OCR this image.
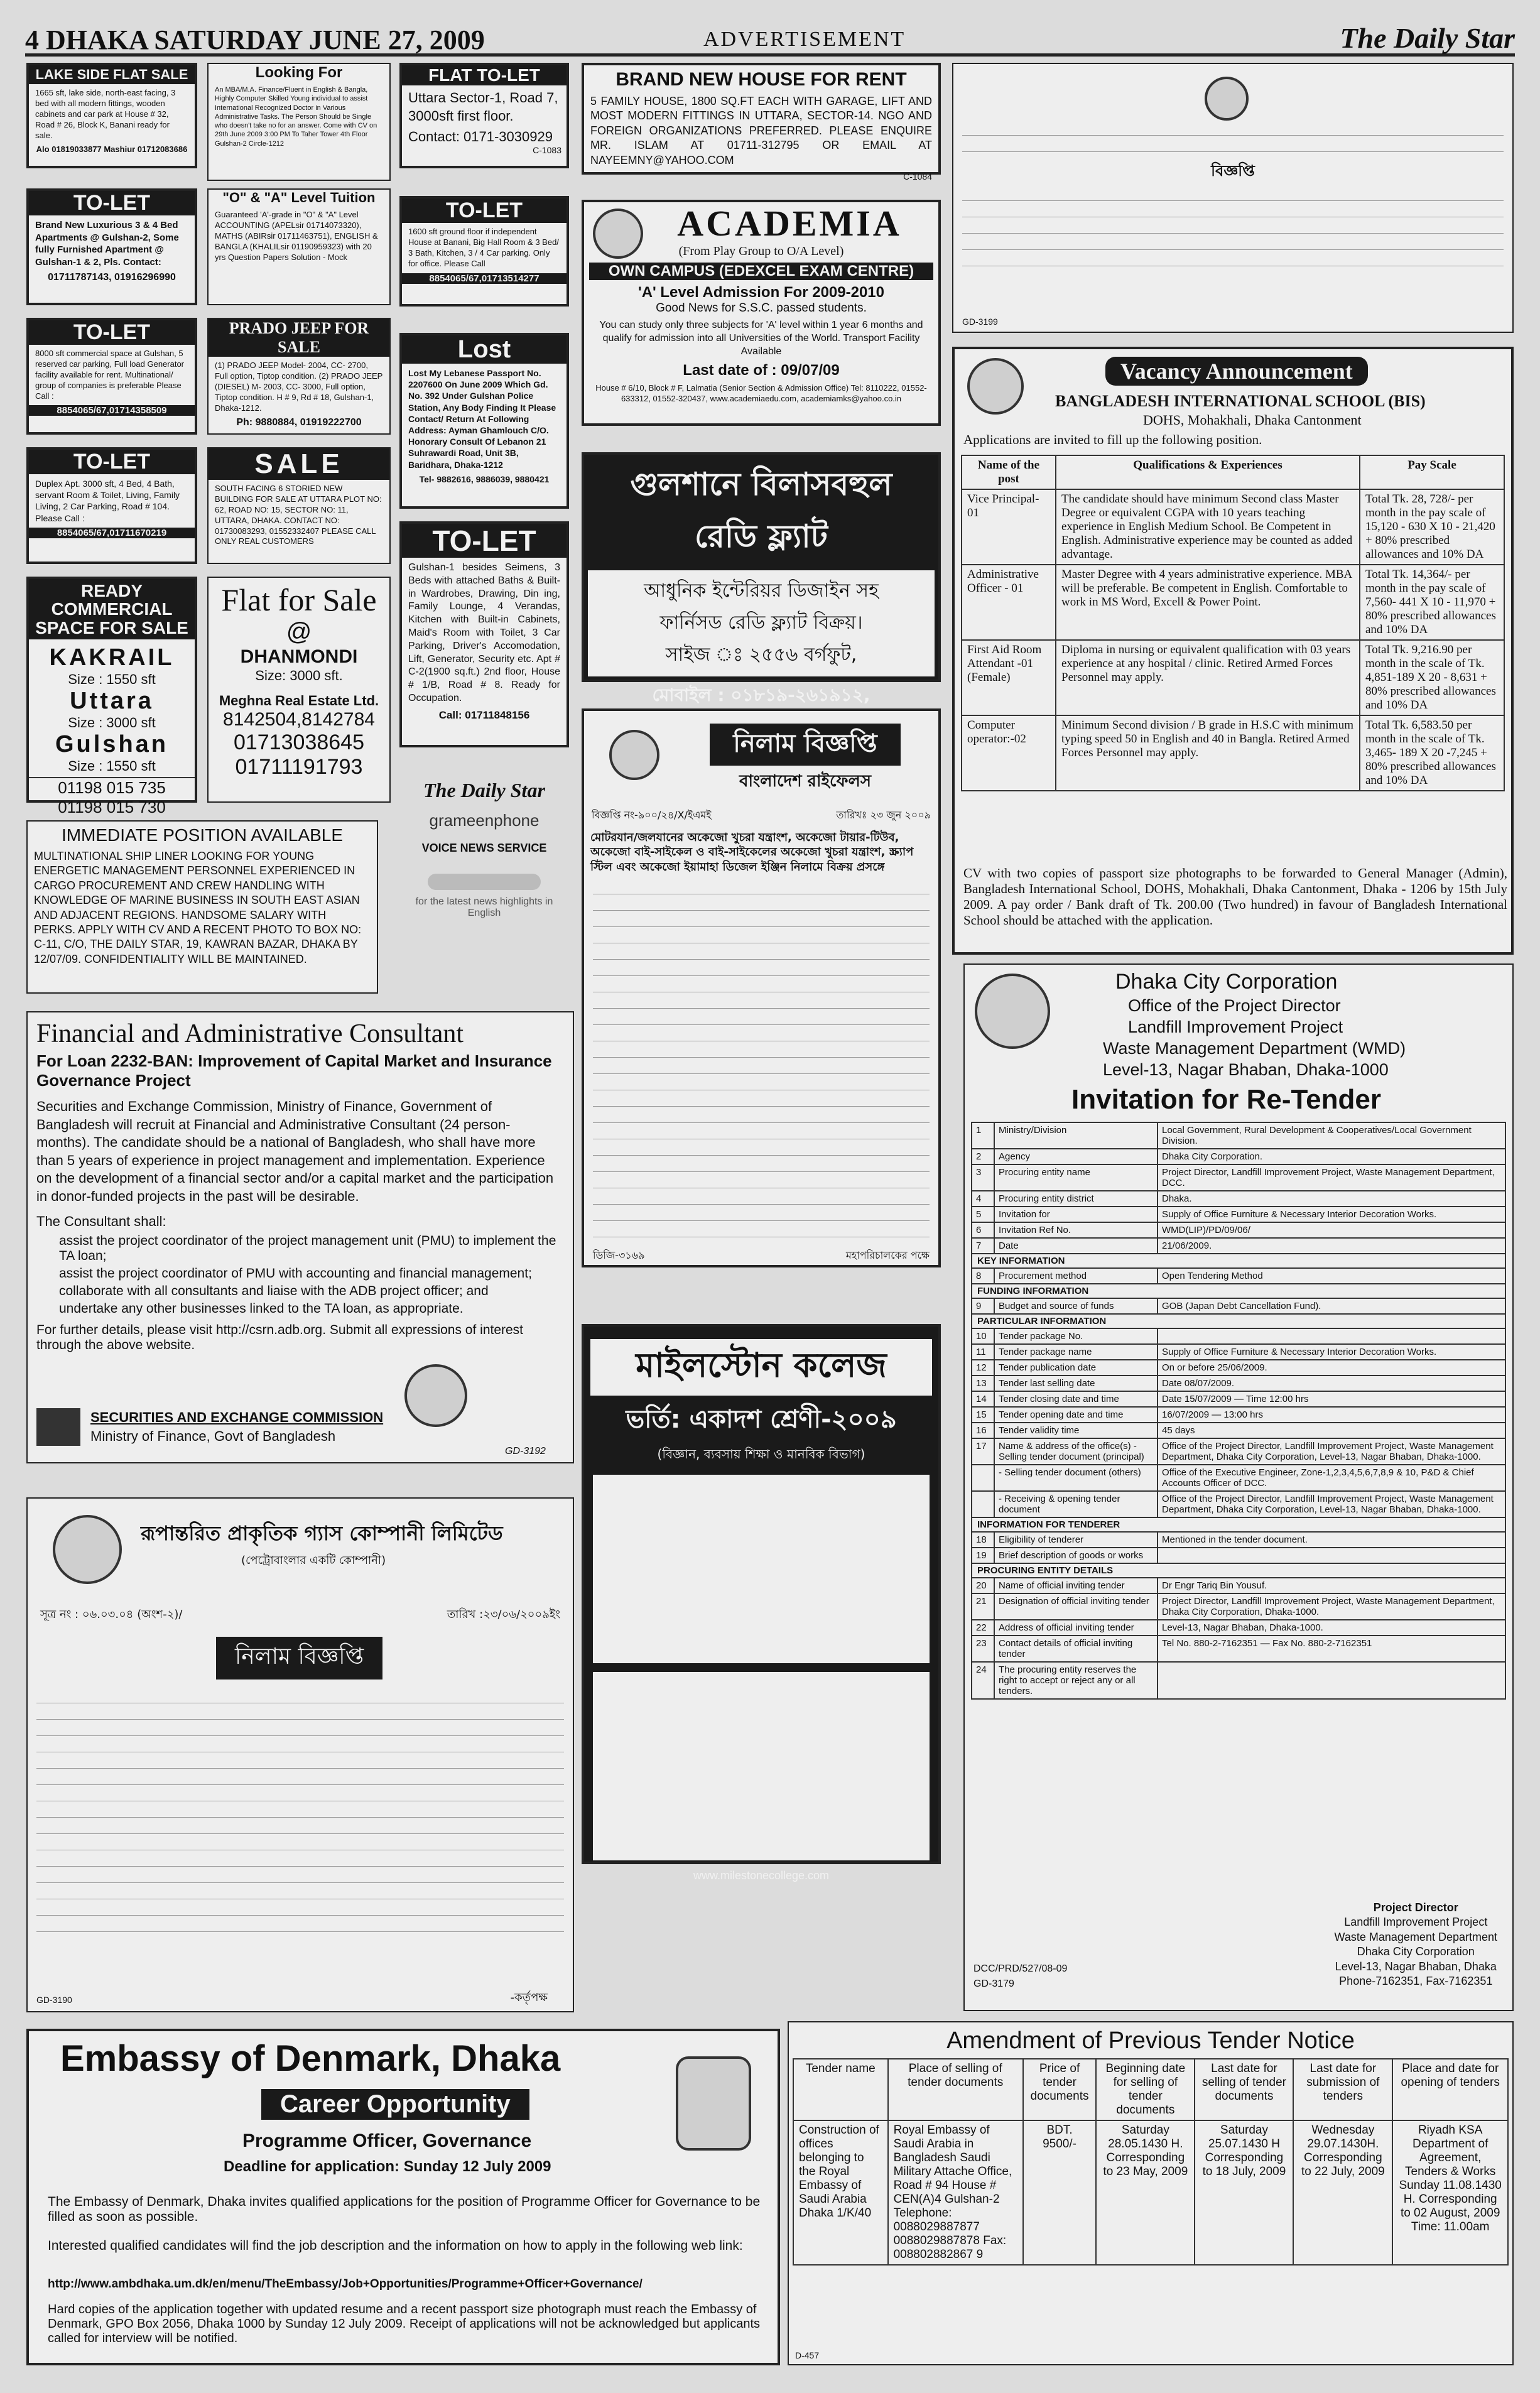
4 DHAKA SATURDAY JUNE 27, 2009	ADVERTISEMENT	The Daily Star
LAKE SIDE FLAT SALE
1665 sft, lake side, north-east facing, 3 bed with all modern fittings, wooden cabinets and car park at House # 32, Road # 26, Block K, Banani ready for sale.
Alo 01819033877 Mashiur 01712083686
Looking For
An MBA/M.A. Finance/Fluent in English & Bangla, Highly Computer Skilled Young individual to assist International Recognized Doctor in Various Administrative Tasks. The Person Should be Single who doesn't take no for an answer. Come with CV on 29th June 2009 3:00 PM To Taher Tower 4th Floor Gulshan-2 Circle-1212
FLAT TO-LET
Uttara Sector-1, Road 7, 3000sft first floor.
Contact: 0171-3030929
C-1083
BRAND NEW HOUSE FOR RENT
5 FAMILY HOUSE, 1800 SQ.FT EACH WITH GARAGE, LIFT AND MOST MODERN FITTINGS IN UTTARA, SECTOR-14. NGO AND FOREIGN ORGANIZATIONS PREFERRED. PLEASE ENQUIRE MR. ISLAM AT 01711-312795 OR EMAIL AT NAYEEMNY@YAHOO.COM
C-1084
TO-LET
Brand New Luxurious 3 & 4 Bed Apartments @ Gulshan-2, Some fully Furnished Apartment @ Gulshan-1 & 2, Pls. Contact:
01711787143, 01916296990
"O" & "A" Level Tuition
Guaranteed 'A'-grade in "O" & "A" Level ACCOUNTING (APELsir 01714073320), MATHS (ABIRsir 01711463751), ENGLISH & BANGLA (KHALILsir 01190959323) with 20 yrs Question Papers Solution - Mock
TO-LET
1600 sft ground floor if independent House at Banani, Big Hall Room & 3 Bed/ 3 Bath, Kitchen, 3 / 4 Car parking. Only for office. Please Call
8854065/67,01713514277
ACADEMIA
(From Play Group to O/A Level)
OWN CAMPUS (EDEXCEL EXAM CENTRE)
'A' Level Admission For 2009-2010
Good News for S.S.C. passed students.
You can study only three subjects for 'A' level within 1 year 6 months and qualify for admission into all Universities of the World. Transport Facility Available
Last date of : 09/07/09
House # 6/10, Block # F, Lalmatia (Senior Section & Admission Office) Tel: 8110222, 01552-633312, 01552-320437, www.academiaedu.com, academiamks@yahoo.co.in
TO-LET
8000 sft commercial space at Gulshan, 5 reserved car parking, Full load Generator facility available for rent. Multinational/ group of companies is preferable Please Call :
8854065/67,01714358509
PRADO JEEP FOR SALE
(1) PRADO JEEP Model- 2004, CC- 2700, Full option, Tiptop condition. (2) PRADO JEEP (DIESEL) M- 2003, CC- 3000, Full option, Tiptop condition. H # 9, Rd # 18, Gulshan-1, Dhaka-1212.
Ph: 9880884, 01919222700
Lost
Lost My Lebanese Passport No. 2207600 On June 2009 Which Gd. No. 392 Under Gulshan Police Station, Any Body Finding It Please Contact/ Return At Following Address: Ayman Ghamlouch C/O. Honorary Consult Of Lebanon 21 Suhrawardi Road, Unit 3B, Baridhara, Dhaka-1212
Tel- 9882616, 9886039, 9880421
TO-LET
Duplex Apt. 3000 sft, 4 Bed, 4 Bath, servant Room & Toilet, Living, Family Living, 2 Car Parking, Road # 104. Please Call :
8854065/67,01711670219
SALE
SOUTH FACING 6 STORIED NEW BUILDING FOR SALE AT UTTARA PLOT NO: 62, ROAD NO: 15, SECTOR NO: 11, UTTARA, DHAKA. CONTACT NO: 01730083293, 01552332407 PLEASE CALL ONLY REAL CUSTOMERS	TO-LET
Gulshan-1 besides Seimens, 3 Beds with attached Baths & Built-in Wardrobes, Drawing, Din ing, Family Lounge, 4 Verandas, Kitchen with Built-in Cabinets, Maid's Room with Toilet, 3 Car Parking, Driver's Accomodation, Lift, Generator, Security etc. Apt # C-2(1900 sq.ft.) 2nd floor, House # 1/B, Road # 8. Ready for Occupation.
Call: 01711848156
READY COMMERCIAL SPACE FOR SALE
KAKRAIL
Size : 1550 sft
Uttara
Size : 3000 sft
Gulshan
Size : 1550 sft
01198 015 735
01198 015 730
Flat for Sale
@
DHANMONDI
Size: 3000 sft.
Meghna Real Estate Ltd.
8142504,8142784
01713038645
01711191793
গুলশানে বিলাসবহুল
রেডি ফ্ল্যাট
আধুনিক ইন্টেরিয়র ডিজাইন সহ
ফার্নিসড রেডি ফ্ল্যাট বিক্রয়।
সাইজ ঃ ২৫৫৬ বর্গফুট,
মোবাইল : ০১৮১৯-২৬১৯১২,
The Daily Star
grameenphone
VOICE NEWS SERVICE
for the latest news highlights in English
IMMEDIATE POSITION AVAILABLE
MULTINATIONAL SHIP LINER LOOKING FOR YOUNG ENERGETIC MANAGEMENT PERSONNEL EXPERIENCED IN CARGO PROCUREMENT AND CREW HANDLING WITH KNOWLEDGE OF MARINE BUSINESS IN SOUTH EAST ASIAN AND ADJACENT REGIONS. HANDSOME SALARY WITH PERKS. APPLY WITH CV AND A RECENT PHOTO TO BOX NO: C-11, C/O, THE DAILY STAR, 19, KAWRAN BAZAR, DHAKA BY 12/07/09. CONFIDENTIALITY WILL BE MAINTAINED.
নিলাম বিজ্ঞপ্তি
বাংলাদেশ রাইফেলস
বিজ্ঞপ্তি নং-৯০০/২৪/X/ইএমই	তারিখঃ ২৩ জুন ২০০৯
মোটরযান/জলযানের অকেজো খুচরা যন্ত্রাংশ, অকেজো টায়ার-টিউব, অকেজো বাই-সাইকেল ও বাই-সাইকেলের অকেজো খুচরা যন্ত্রাংশ, স্ক্র্যাপ স্টিল এবং অকেজো ইয়ামাহা ডিজেল ইঞ্জিন নিলামে বিক্রয় প্রসঙ্গে
ডিজি-৩১৬৯	মহাপরিচালকের পক্ষে
Financial and Administrative Consultant
For Loan 2232-BAN: Improvement of Capital Market and Insurance Governance Project
Securities and Exchange Commission, Ministry of Finance, Government of Bangladesh will recruit at Financial and Administrative Consultant (24 person-months). The candidate should be a national of Bangladesh, who shall have more than 5 years of experience in project management and implementation. Experience on the development of a financial sector and/or a capital market and the participation in donor-funded projects in the past will be desirable.
The Consultant shall:
assist the project coordinator of the project management unit (PMU) to implement the TA loan;
assist the project coordinator of PMU with accounting and financial management;
collaborate with all consultants and liaise with the ADB project officer; and
undertake any other businesses linked to the TA loan, as appropriate.
For further details, please visit http://csrn.adb.org. Submit all expressions of interest through the above website.
SECURITIES AND EXCHANGE COMMISSION
Ministry of Finance, Govt of Bangladesh
GD-3192
মাইলস্টোন কলেজ
ভর্তি: একাদশ শ্রেণী-২০০৯
(বিজ্ঞান, ব্যবসায় শিক্ষা ও মানবিক বিভাগ)
www.milestonecollege.com
রূপান্তরিত প্রাকৃতিক গ্যাস কোম্পানী লিমিটেড
(পেট্রোবাংলার একটি কোম্পানী)
সূত্র নং : ০৬.০৩.০৪ (অংশ-২)/	তারিখ :২৩/০৬/২০০৯ইং
নিলাম বিজ্ঞপ্তি
-কর্তৃপক্ষ
GD-3190
Embassy of Denmark, Dhaka
Career Opportunity
Programme Officer, Governance
Deadline for application: Sunday 12 July 2009
The Embassy of Denmark, Dhaka invites qualified applications for the position of Programme Officer for Governance to be filled as soon as possible.
Interested qualified candidates will find the job description and the information on how to apply in the following web link:
http://www.ambdhaka.um.dk/en/menu/TheEmbassy/Job+Opportunities/Programme+Officer+Governance/
Hard copies of the application together with updated resume and a recent passport size photograph must reach the Embassy of Denmark, GPO Box 2056, Dhaka 1000 by Sunday 12 July 2009. Receipt of applications will not be acknowledged but applicants called for interview will be notified.
বিজ্ঞপ্তি
GD-3199
Vacancy Announcement
BANGLADESH INTERNATIONAL SCHOOL (BIS)
DOHS, Mohakhali, Dhaka Cantonment
Applications are invited to fill up the following position.
Name of the post	Qualifications & Experiences	Pay Scale
Vice Principal-01	The candidate should have minimum Second class Master Degree or equivalent CGPA with 10 years teaching experience in English Medium School. Be Competent in English. Administrative experience may be counted as added advantage.	Total Tk. 28, 728/- per month in the pay scale of 15,120 - 630 X 10 - 21,420 + 80% prescribed allowances and 10% DA
Administrative Officer - 01	Master Degree with 4 years administrative experience. MBA will be preferable. Be competent in English. Comfortable to work in MS Word, Excell & Power Point.	Total Tk. 14,364/- per month in the pay scale of 7,560- 441 X 10 - 11,970 + 80% prescribed allowances and 10% DA
First Aid Room Attendant -01 (Female)	Diploma in nursing or equivalent qualification with 03 years experience at any hospital / clinic. Retired Armed Forces Personnel may apply.	Total Tk. 9,216.90 per month in the scale of Tk. 4,851-189 X 20 - 8,631 + 80% prescribed allowances and 10% DA
Computer operator:-02	Minimum Second division / B grade in H.S.C with minimum typing speed 50 in English and 40 in Bangla. Retired Armed Forces Personnel may apply.	Total Tk. 6,583.50 per month in the scale of Tk. 3,465- 189 X 20 -7,245 + 80% prescribed allowances and 10% DA
CV with two copies of passport size photographs to be forwarded to General Manager (Admin), Bangladesh International School, DOHS, Mohakhali, Dhaka Cantonment, Dhaka - 1206 by 15th July 2009. A pay order / Bank draft of Tk. 200.00 (Two hundred) in favour of Bangladesh International School should be attached with the application.
Dhaka City Corporation
Office of the Project Director
Landfill Improvement Project
Waste Management Department (WMD)
Level-13, Nagar Bhaban, Dhaka-1000
Invitation for Re-Tender
1	Ministry/Division	Local Government, Rural Development & Cooperatives/Local Government Division.
2	Agency	Dhaka City Corporation.
3	Procuring entity name	Project Director, Landfill Improvement Project, Waste Management Department, DCC.
4	Procuring entity district	Dhaka.
5	Invitation for	Supply of Office Furniture & Necessary Interior Decoration Works.
6	Invitation Ref No.	WMD(LIP)/PD/09/06/
7	Date	21/06/2009.
KEY INFORMATION		
8	Procurement method	Open Tendering Method
FUNDING INFORMATION		
9	Budget and source of funds	GOB (Japan Debt Cancellation Fund).
PARTICULAR INFORMATION		
10	Tender package No.	
11	Tender package name	Supply of Office Furniture & Necessary Interior Decoration Works.
12	Tender publication date	On or before 25/06/2009.
13	Tender last selling date	Date 08/07/2009.
14	Tender closing date and time	Date 15/07/2009 — Time 12:00 hrs
15	Tender opening date and time	16/07/2009 — 13:00 hrs
16	Tender validity time	45 days
17	Name & address of the office(s) - Selling tender document (principal)	Office of the Project Director, Landfill Improvement Project, Waste Management Department, Dhaka City Corporation, Level-13, Nagar Bhaban, Dhaka-1000.
	- Selling tender document (others)	Office of the Executive Engineer, Zone-1,2,3,4,5,6,7,8,9 & 10, P&D & Chief Accounts Officer of DCC.
	- Receiving & opening tender document	Office of the Project Director, Landfill Improvement Project, Waste Management Department, Dhaka City Corporation, Level-13, Nagar Bhaban, Dhaka-1000.
INFORMATION FOR TENDERER		
18	Eligibility of tenderer	Mentioned in the tender document.
19	Brief description of goods or works	
PROCURING ENTITY DETAILS		
20	Name of official inviting tender	Dr Engr Tariq Bin Yousuf.
21	Designation of official inviting tender	Project Director, Landfill Improvement Project, Waste Management Department, Dhaka City Corporation, Dhaka-1000.
22	Address of official inviting tender	Level-13, Nagar Bhaban, Dhaka-1000.
23	Contact details of official inviting tender	Tel No. 880-2-7162351 — Fax No. 880-2-7162351
24	The procuring entity reserves the right to accept or reject any or all tenders.	
Project Director
Landfill Improvement Project
Waste Management Department
Dhaka City Corporation
Level-13, Nagar Bhaban, Dhaka
Phone-7162351, Fax-7162351
DCC/PRD/527/08-09
GD-3179
Amendment of Previous Tender Notice
Tender name	Place of selling of tender documents	Price of tender documents	Beginning date for selling of tender documents	Last date for selling of tender documents	Last date for submission of tenders	Place and date for opening of tenders
Construction of offices belonging to the Royal Embassy of Saudi Arabia Dhaka 1/K/40	Royal Embassy of Saudi Arabia in Bangladesh Saudi Military Attache Office, Road # 94 House # CEN(A)4 Gulshan-2 Telephone: 0088029887877 0088029887878 Fax: 008802882867 9	BDT. 9500/-	Saturday 28.05.1430 H. Corresponding to 23 May, 2009	Saturday 25.07.1430 H Corresponding to 18 July, 2009	Wednesday 29.07.1430H. Corresponding to 22 July, 2009	Riyadh KSA Department of Agreement, Tenders & Works Sunday 11.08.1430 H. Corresponding to 02 August, 2009 Time: 11.00am
D-457
